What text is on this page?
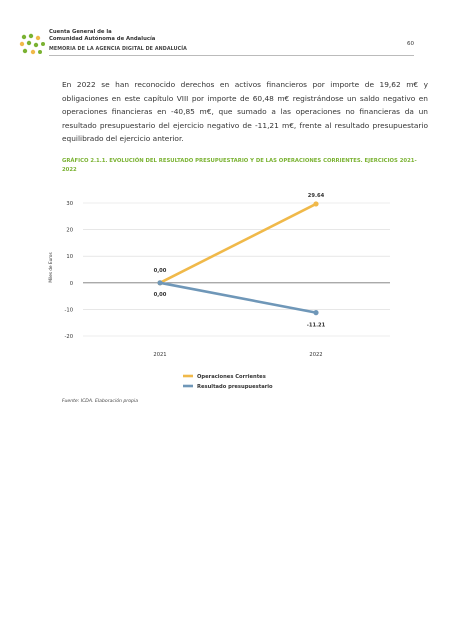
Cuenta General de la
Comunidad Autónoma de Andalucía
MEMORIA DE LA AGENCIA DIGITAL DE ANDALUCÍA
60

En 2022 se han reconocido derechos en activos financieros por importe de 19,62 m€ y obligaciones en este capítulo VIII por importe de 60,48 m€ registrándose un saldo negativo en operaciones financieras en -40,85 m€, que sumado a las operaciones no financieras da un resultado presupuestario del ejercicio negativo de -11,21 m€, frente al resultado presupuestario equilibrado del ejercicio anterior.

GRÁFICO 2.1.1. EVOLUCIÓN DEL RESULTADO PRESUPUESTARIO Y DE LAS OPERACIONES CORRIENTES. EJERCICIOS 2021-2022
30
20
10
0
-10
-20
Miles de Euros
2021	2022
0,00
29.64
0,00
-11.21
Operaciones Corrientes
Resultado presupuestario
Fuente: ICDA. Elaboración propia
